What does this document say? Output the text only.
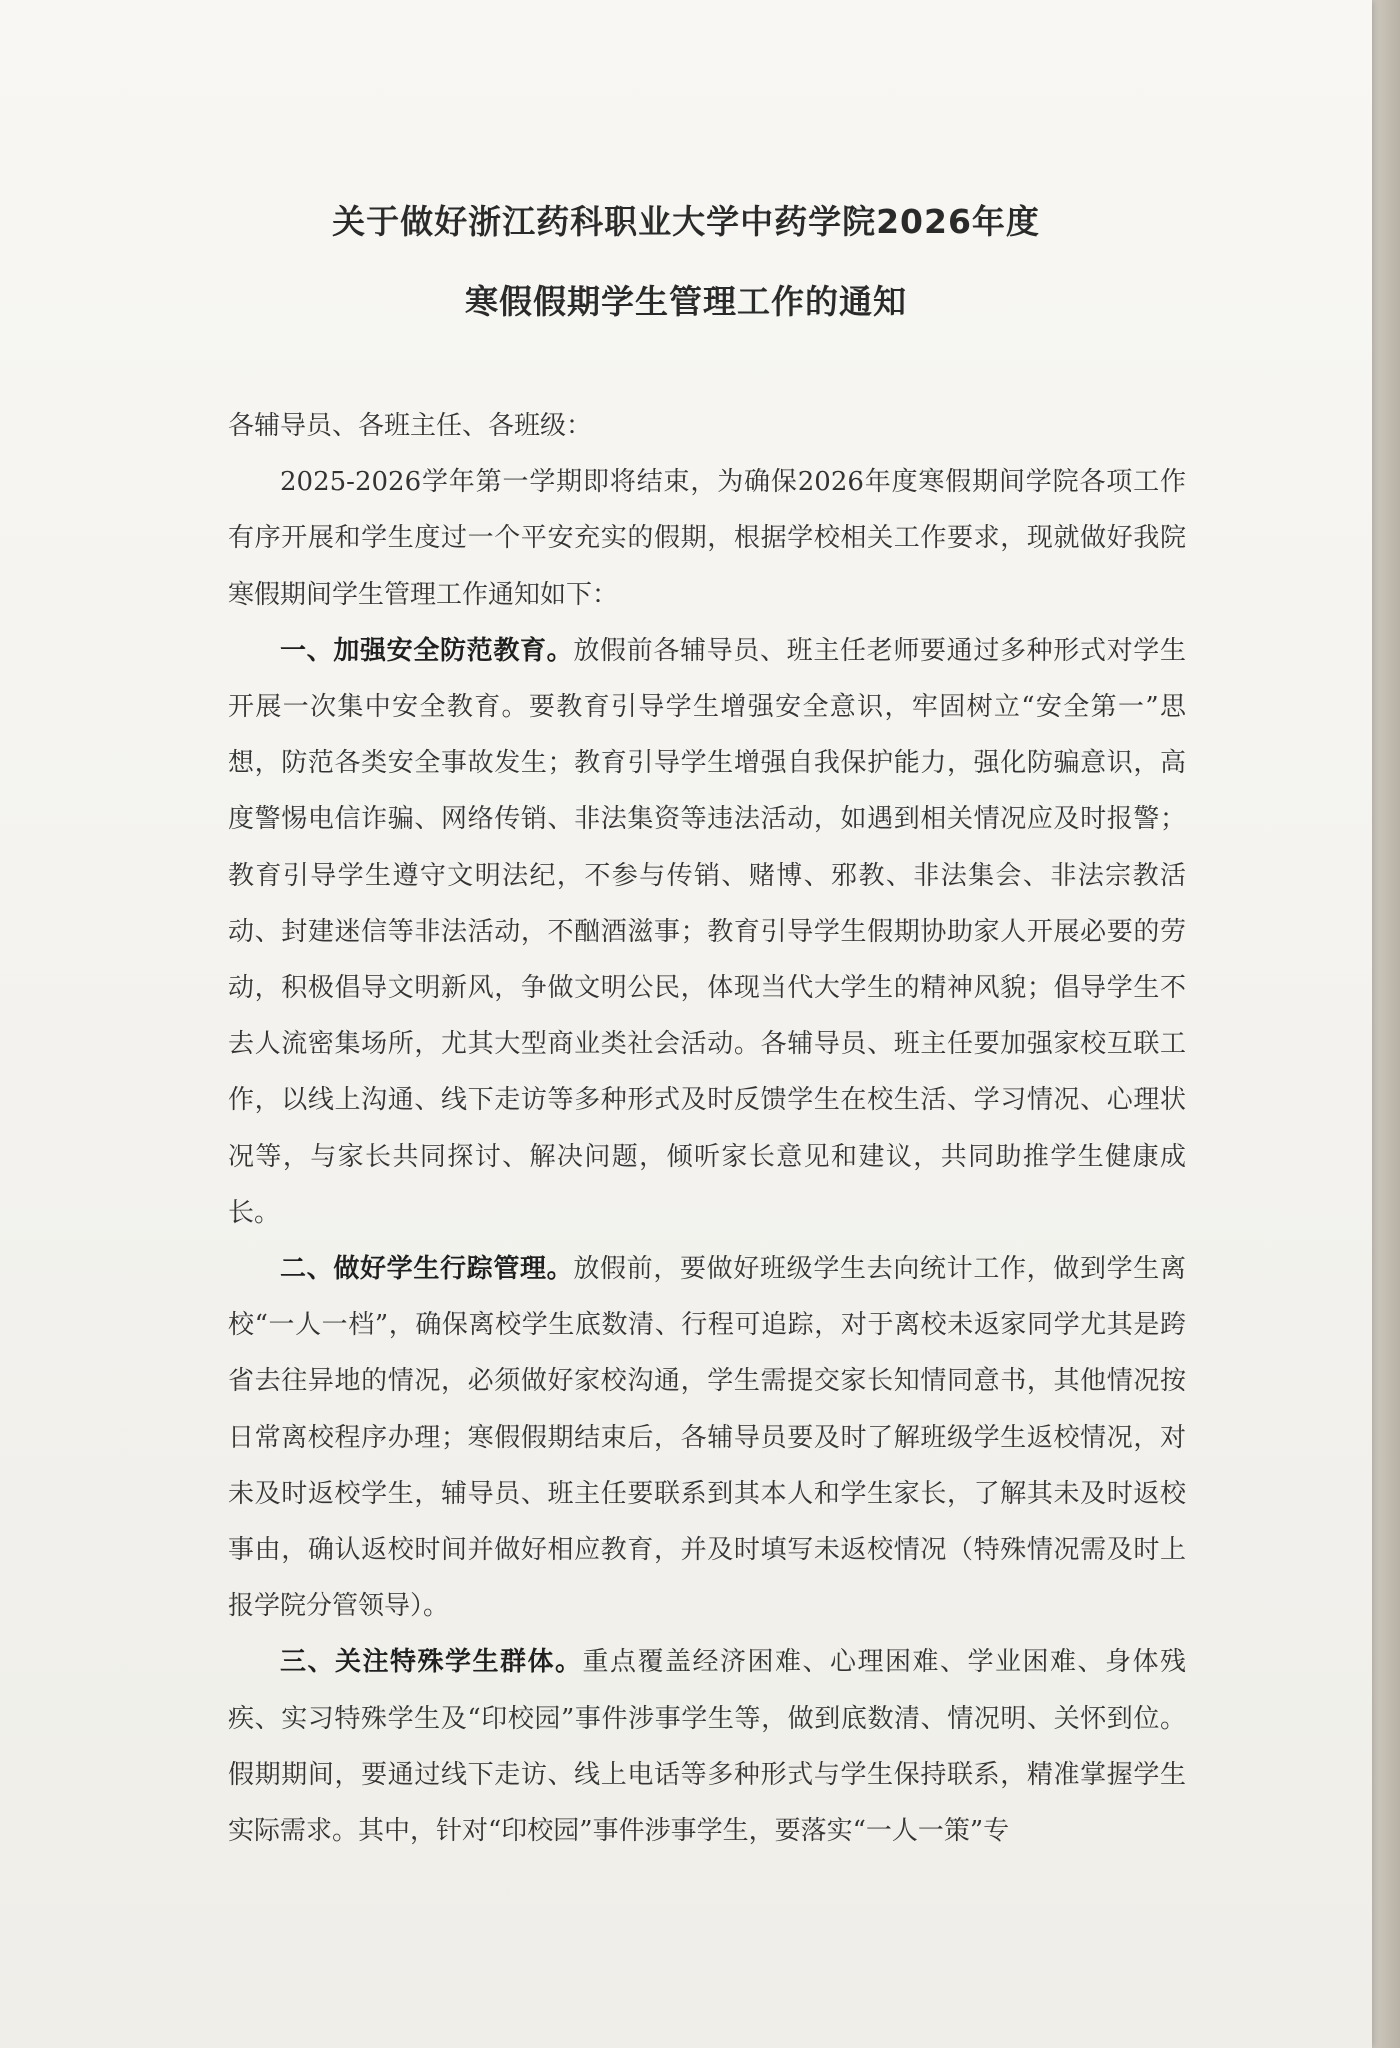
关于做好浙江药科职业大学中药学院2026年度
寒假假期学生管理工作的通知

各辅导员、各班主任、各班级：

2025-2026学年第一学期即将结束，为确保2026年度寒假期间学院各项工作有序开展和学生度过一个平安充实的假期，根据学校相关工作要求，现就做好我院寒假期间学生管理工作通知如下：

一、加强安全防范教育。放假前各辅导员、班主任老师要通过多种形式对学生开展一次集中安全教育。要教育引导学生增强安全意识，牢固树立“安全第一”思想，防范各类安全事故发生；教育引导学生增强自我保护能力，强化防骗意识，高度警惕电信诈骗、网络传销、非法集资等违法活动，如遇到相关情况应及时报警；教育引导学生遵守文明法纪，不参与传销、赌博、邪教、非法集会、非法宗教活动、封建迷信等非法活动，不酗酒滋事；教育引导学生假期协助家人开展必要的劳动，积极倡导文明新风，争做文明公民，体现当代大学生的精神风貌；倡导学生不去人流密集场所，尤其大型商业类社会活动。各辅导员、班主任要加强家校互联工作，以线上沟通、线下走访等多种形式及时反馈学生在校生活、学习情况、心理状况等，与家长共同探讨、解决问题，倾听家长意见和建议，共同助推学生健康成长。

二、做好学生行踪管理。放假前，要做好班级学生去向统计工作，做到学生离校“一人一档”，确保离校学生底数清、行程可追踪，对于离校未返家同学尤其是跨省去往异地的情况，必须做好家校沟通，学生需提交家长知情同意书，其他情况按日常离校程序办理；寒假假期结束后，各辅导员要及时了解班级学生返校情况，对未及时返校学生，辅导员、班主任要联系到其本人和学生家长，了解其未及时返校事由，确认返校时间并做好相应教育，并及时填写未返校情况（特殊情况需及时上报学院分管领导）。

三、关注特殊学生群体。重点覆盖经济困难、心理困难、学业困难、身体残疾、实习特殊学生及“印校园”事件涉事学生等，做到底数清、情况明、关怀到位。假期期间，要通过线下走访、线上电话等多种形式与学生保持联系，精准掌握学生实际需求。其中，针对“印校园”事件涉事学生，要落实“一人一策”专
